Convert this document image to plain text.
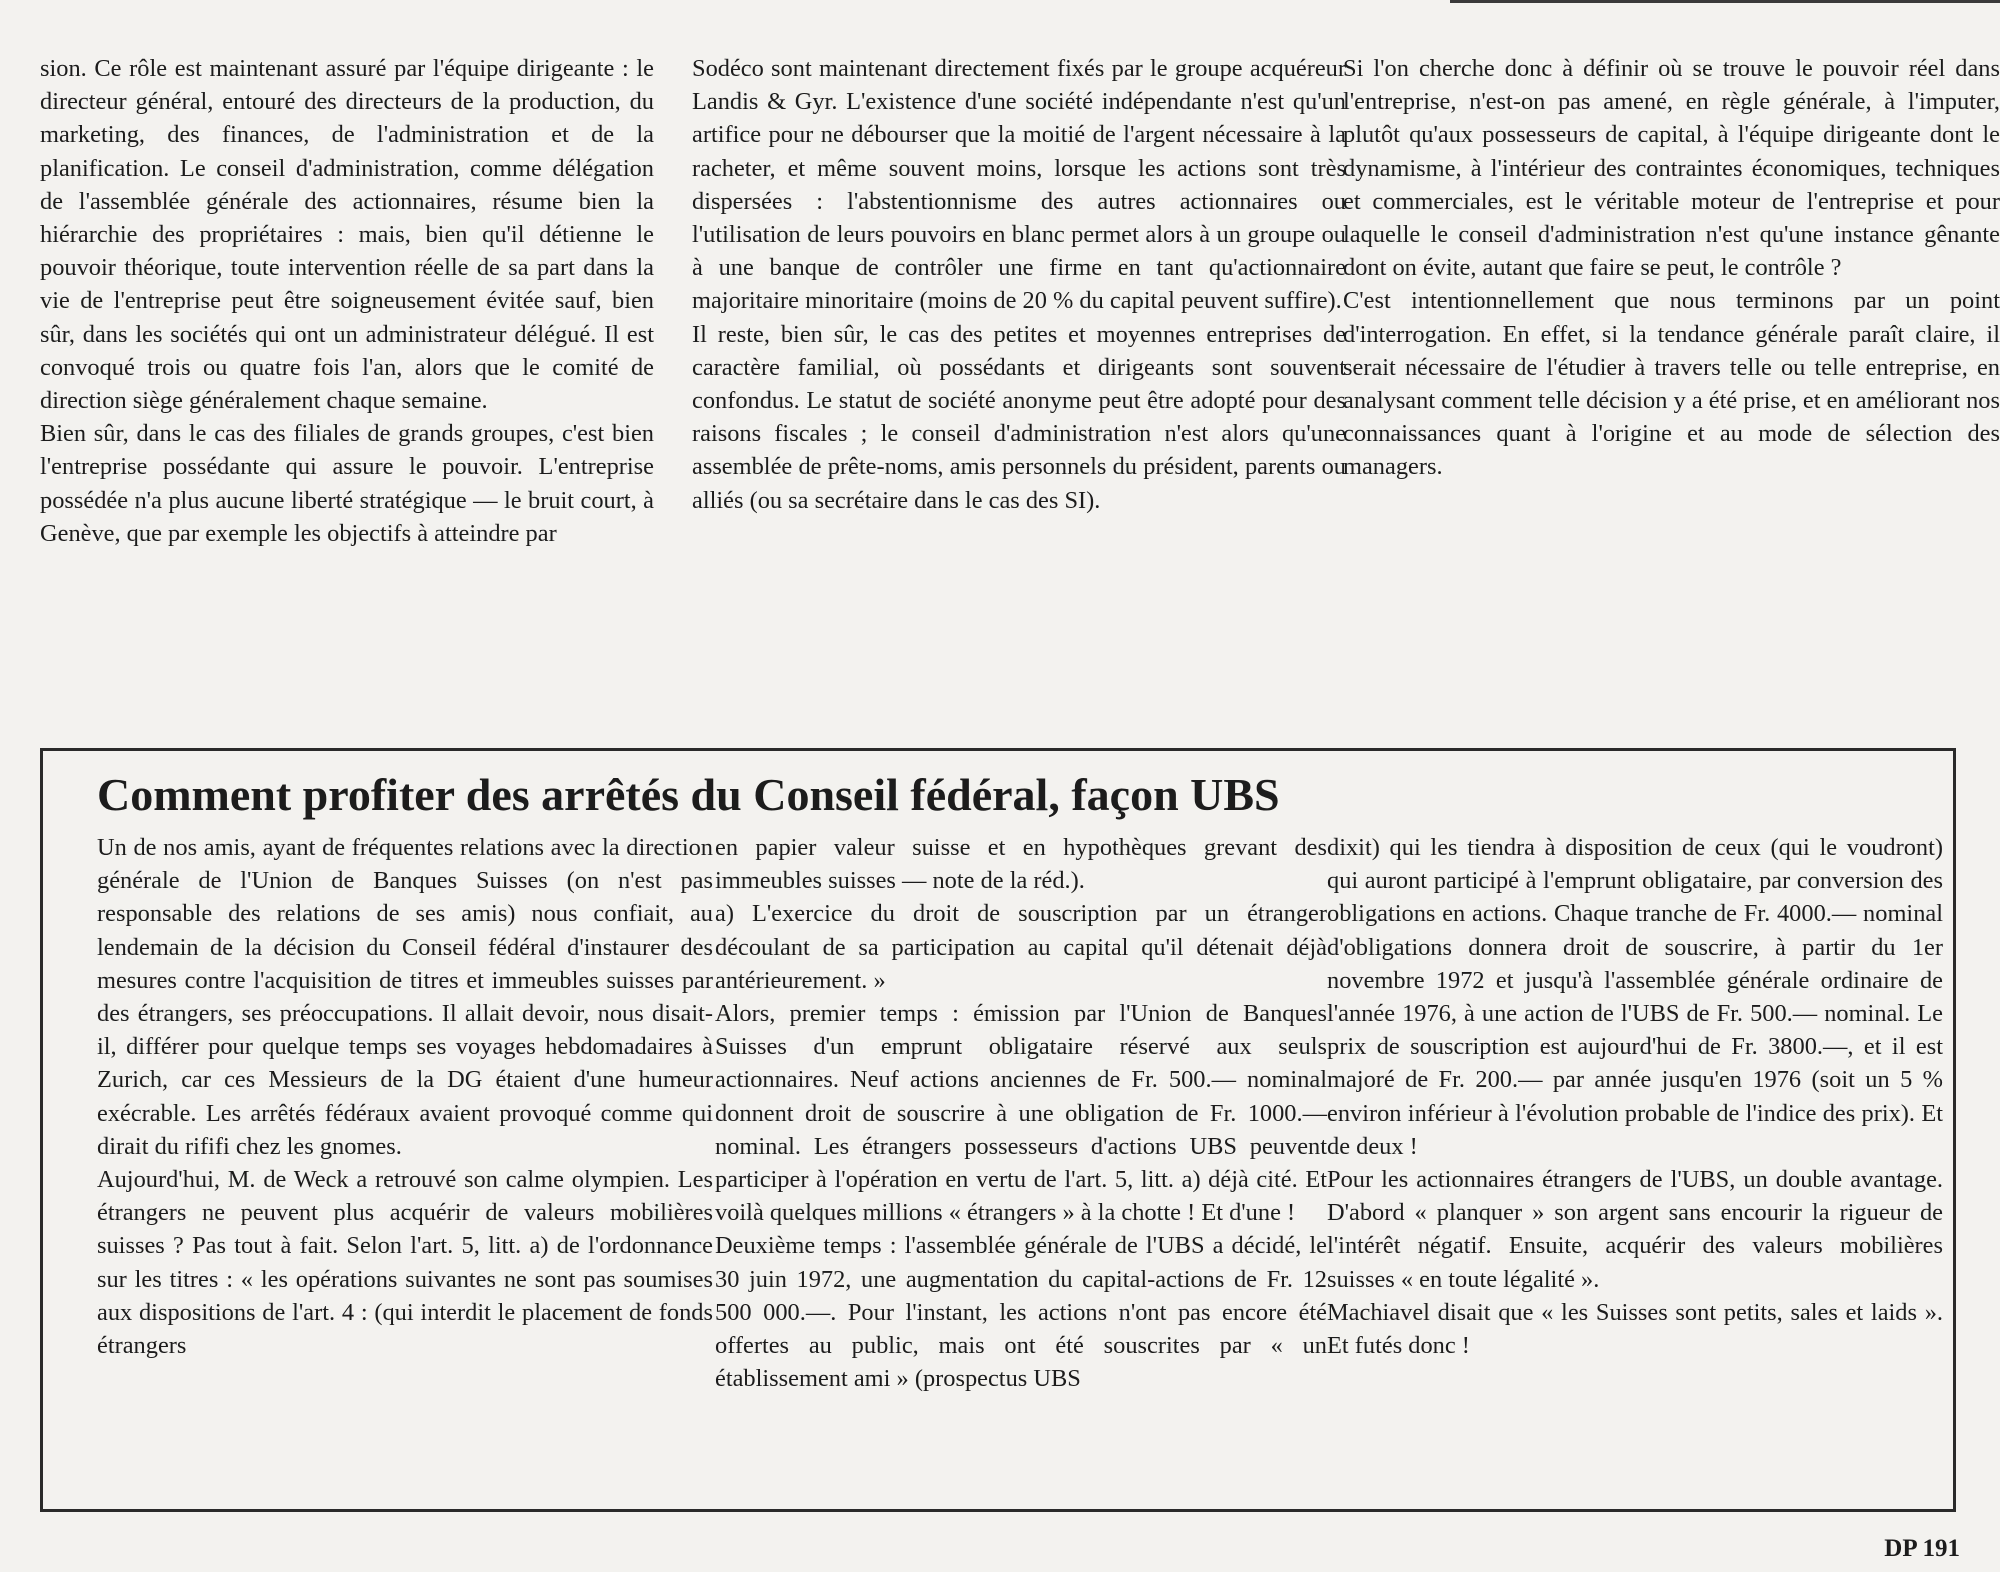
sion. Ce rôle est maintenant assuré par l'équipe dirigeante : le directeur général, entouré des directeurs de la production, du marketing, des finances, de l'administration et de la planification. Le conseil d'administration, comme délégation de l'assemblée générale des actionnaires, résume bien la hiérarchie des propriétaires : mais, bien qu'il détienne le pouvoir théorique, toute intervention réelle de sa part dans la vie de l'entreprise peut être soigneusement évitée sauf, bien sûr, dans les sociétés qui ont un administrateur délégué. Il est convoqué trois ou quatre fois l'an, alors que le comité de direction siège généralement chaque semaine.

Bien sûr, dans le cas des filiales de grands groupes, c'est bien l'entreprise possédante qui assure le pouvoir. L'entreprise possédée n'a plus aucune liberté stratégique — le bruit court, à Genève, que par exemple les objectifs à atteindre par

Sodéco sont maintenant directement fixés par le groupe acquéreur Landis & Gyr. L'existence d'une société indépendante n'est qu'un artifice pour ne débourser que la moitié de l'argent nécessaire à la racheter, et même souvent moins, lorsque les actions sont très dispersées : l'abstentionnisme des autres actionnaires ou l'utilisation de leurs pouvoirs en blanc permet alors à un groupe ou à une banque de contrôler une firme en tant qu'actionnaire majoritaire minoritaire (moins de 20 % du capital peuvent suffire).

Il reste, bien sûr, le cas des petites et moyennes entreprises de caractère familial, où possédants et dirigeants sont souvent confondus. Le statut de société anonyme peut être adopté pour des raisons fiscales ; le conseil d'administration n'est alors qu'une assemblée de prête-noms, amis personnels du président, parents ou alliés (ou sa secrétaire dans le cas des SI).

Si l'on cherche donc à définir où se trouve le pouvoir réel dans l'entreprise, n'est-on pas amené, en règle générale, à l'imputer, plutôt qu'aux possesseurs de capital, à l'équipe dirigeante dont le dynamisme, à l'intérieur des contraintes économiques, techniques et commerciales, est le véritable moteur de l'entreprise et pour laquelle le conseil d'administration n'est qu'une instance gênante dont on évite, autant que faire se peut, le contrôle ?

C'est intentionnellement que nous terminons par un point d'interrogation. En effet, si la tendance générale paraît claire, il serait nécessaire de l'étudier à travers telle ou telle entreprise, en analysant comment telle décision y a été prise, et en améliorant nos connaissances quant à l'origine et au mode de sélection des managers.

Comment profiter des arrêtés du Conseil fédéral, façon UBS

Un de nos amis, ayant de fréquentes relations avec la direction générale de l'Union de Banques Suisses (on n'est pas responsable des relations de ses amis) nous confiait, au lendemain de la décision du Conseil fédéral d'instaurer des mesures contre l'acquisition de titres et immeubles suisses par des étrangers, ses préoccupations. Il allait devoir, nous disait-il, différer pour quelque temps ses voyages hebdomadaires à Zurich, car ces Messieurs de la DG étaient d'une humeur exécrable. Les arrêtés fédéraux avaient provoqué comme qui dirait du rififi chez les gnomes.

Aujourd'hui, M. de Weck a retrouvé son calme olympien. Les étrangers ne peuvent plus acquérir de valeurs mobilières suisses ? Pas tout à fait. Selon l'art. 5, litt. a) de l'ordonnance sur les titres : « les opérations suivantes ne sont pas soumises aux dispositions de l'art. 4 : (qui interdit le placement de fonds étrangers

en papier valeur suisse et en hypothèques grevant des immeubles suisses — note de la réd.).

a) L'exercice du droit de souscription par un étranger découlant de sa participation au capital qu'il détenait déjà antérieurement. »

Alors, premier temps : émission par l'Union de Banques Suisses d'un emprunt obligataire réservé aux seuls actionnaires. Neuf actions anciennes de Fr. 500.— nominal donnent droit de souscrire à une obligation de Fr. 1000.— nominal. Les étrangers possesseurs d'actions UBS peuvent participer à l'opération en vertu de l'art. 5, litt. a) déjà cité. Et voilà quelques millions « étrangers » à la chotte ! Et d'une !

Deuxième temps : l'assemblée générale de l'UBS a décidé, le 30 juin 1972, une augmentation du capital-actions de Fr. 12 500 000.—. Pour l'instant, les actions n'ont pas encore été offertes au public, mais ont été souscrites par « un établissement ami » (prospectus UBS

dixit) qui les tiendra à disposition de ceux (qui le voudront) qui auront participé à l'emprunt obligataire, par conversion des obligations en actions. Chaque tranche de Fr. 4000.— nominal d'obligations donnera droit de souscrire, à partir du 1er novembre 1972 et jusqu'à l'assemblée générale ordinaire de l'année 1976, à une action de l'UBS de Fr. 500.— nominal. Le prix de souscription est aujourd'hui de Fr. 3800.—, et il est majoré de Fr. 200.— par année jusqu'en 1976 (soit un 5 % environ inférieur à l'évolution probable de l'indice des prix). Et de deux !

Pour les actionnaires étrangers de l'UBS, un double avantage. D'abord « planquer » son argent sans encourir la rigueur de l'intérêt négatif. Ensuite, acquérir des valeurs mobilières suisses « en toute légalité ».

Machiavel disait que « les Suisses sont petits, sales et laids ». Et futés donc !

DP 191
